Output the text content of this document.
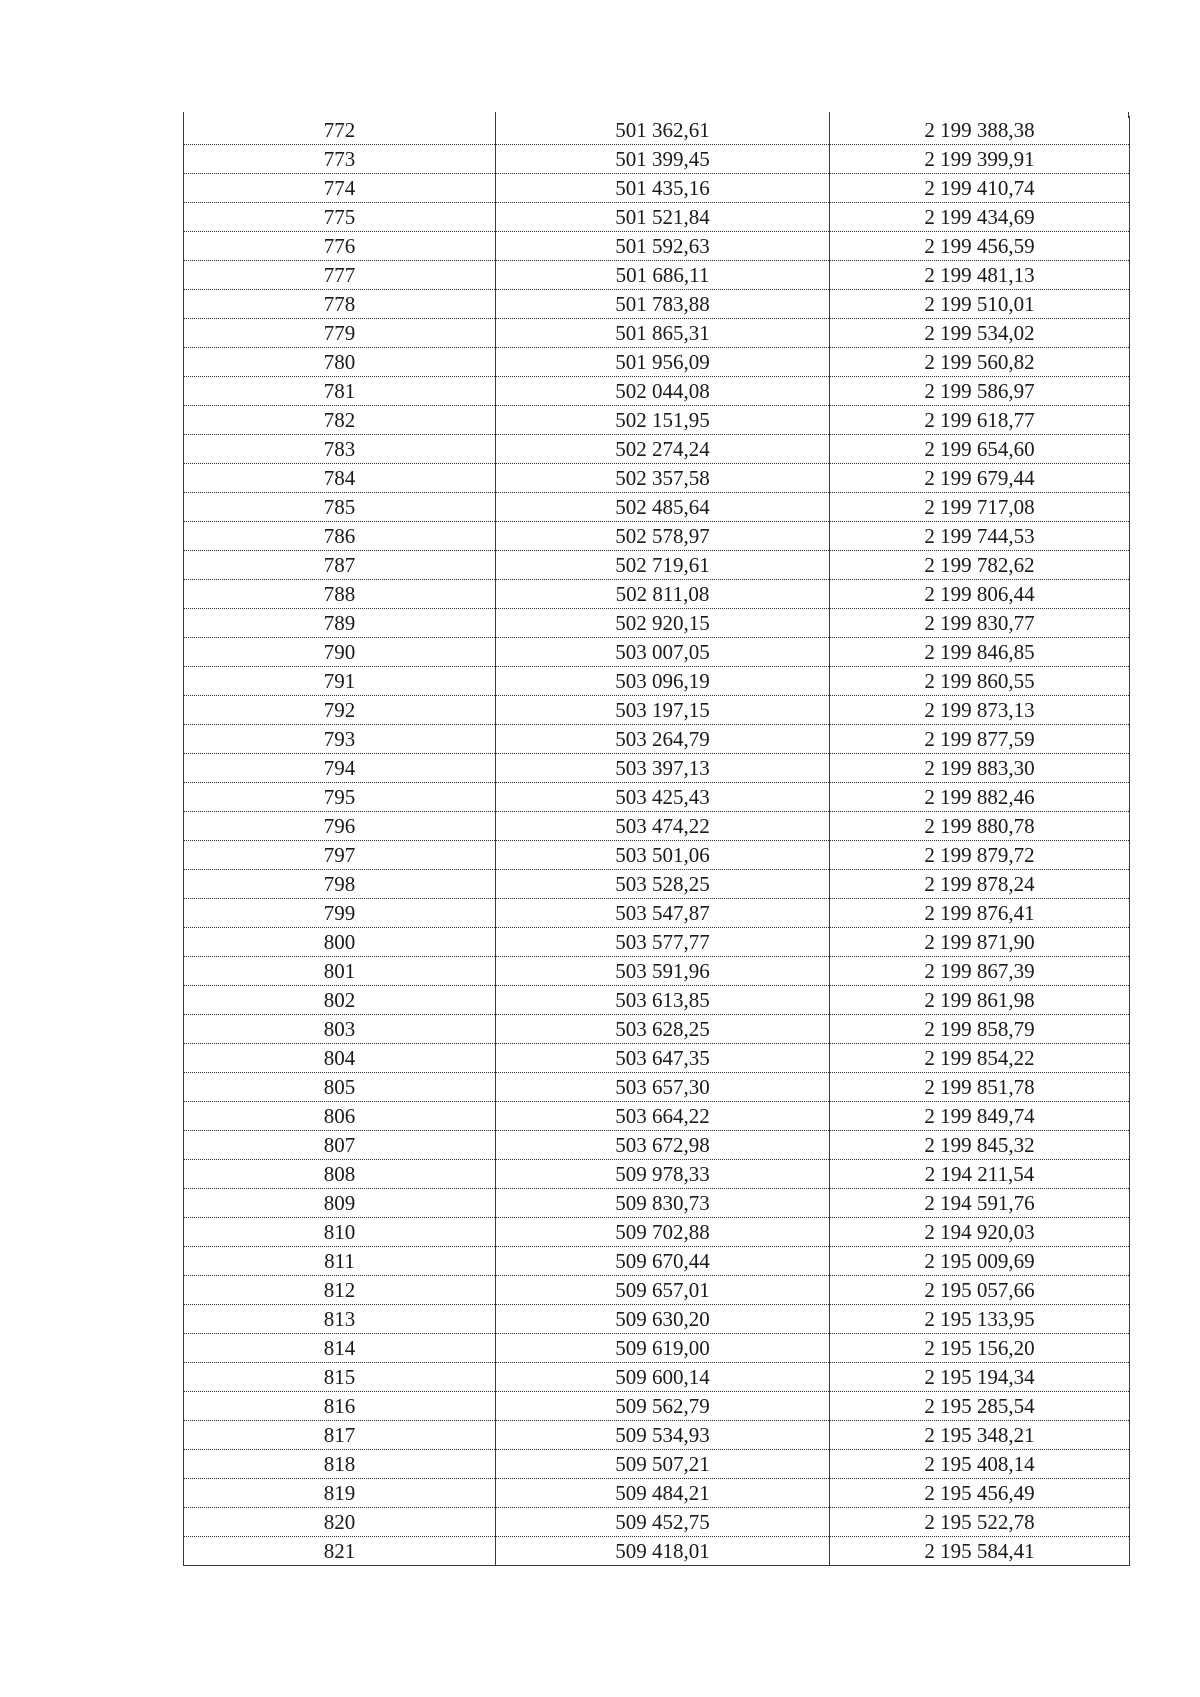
772	501 362,61	2 199 388,38
773	501 399,45	2 199 399,91
774	501 435,16	2 199 410,74
775	501 521,84	2 199 434,69
776	501 592,63	2 199 456,59
777	501 686,11	2 199 481,13
778	501 783,88	2 199 510,01
779	501 865,31	2 199 534,02
780	501 956,09	2 199 560,82
781	502 044,08	2 199 586,97
782	502 151,95	2 199 618,77
783	502 274,24	2 199 654,60
784	502 357,58	2 199 679,44
785	502 485,64	2 199 717,08
786	502 578,97	2 199 744,53
787	502 719,61	2 199 782,62
788	502 811,08	2 199 806,44
789	502 920,15	2 199 830,77
790	503 007,05	2 199 846,85
791	503 096,19	2 199 860,55
792	503 197,15	2 199 873,13
793	503 264,79	2 199 877,59
794	503 397,13	2 199 883,30
795	503 425,43	2 199 882,46
796	503 474,22	2 199 880,78
797	503 501,06	2 199 879,72
798	503 528,25	2 199 878,24
799	503 547,87	2 199 876,41
800	503 577,77	2 199 871,90
801	503 591,96	2 199 867,39
802	503 613,85	2 199 861,98
803	503 628,25	2 199 858,79
804	503 647,35	2 199 854,22
805	503 657,30	2 199 851,78
806	503 664,22	2 199 849,74
807	503 672,98	2 199 845,32
808	509 978,33	2 194 211,54
809	509 830,73	2 194 591,76
810	509 702,88	2 194 920,03
811	509 670,44	2 195 009,69
812	509 657,01	2 195 057,66
813	509 630,20	2 195 133,95
814	509 619,00	2 195 156,20
815	509 600,14	2 195 194,34
816	509 562,79	2 195 285,54
817	509 534,93	2 195 348,21
818	509 507,21	2 195 408,14
819	509 484,21	2 195 456,49
820	509 452,75	2 195 522,78
821	509 418,01	2 195 584,41
